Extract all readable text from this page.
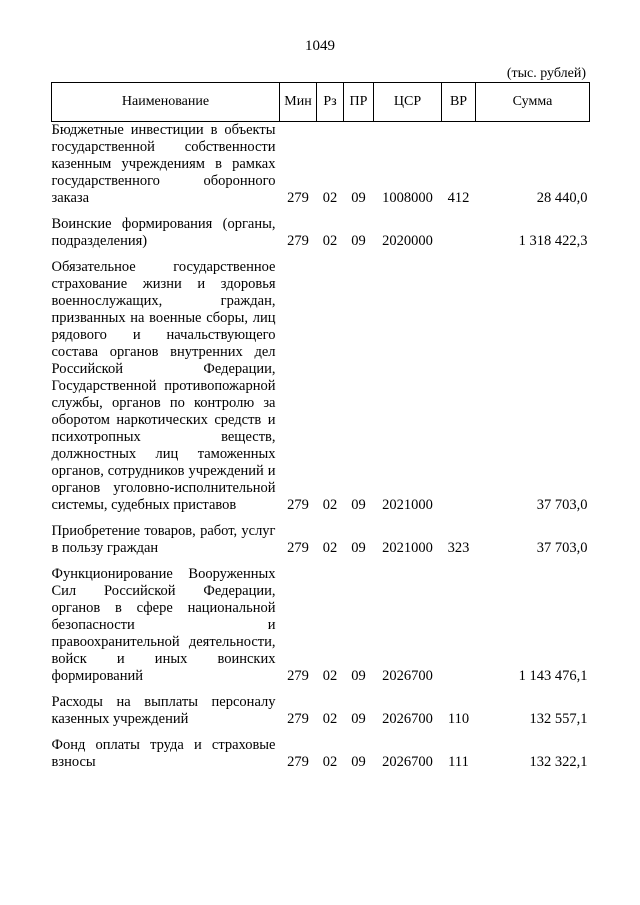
1049
(тыс. рублей)
Наименование	Мин	Рз	ПР	ЦСР	ВР	Сумма
Бюджетные инвестиции в объекты государственной собственности казенным учреждениям в рамках государственного оборонного заказа	279	02	09	1008000	412	28 440,0
Воинские формирования (органы, подразделения)	279	02	09	2020000		1 318 422,3
Обязательное государственное страхование жизни и здоровья военнослужащих, граждан, призванных на военные сборы, лиц рядового и начальствующего состава органов внутренних дел Российской Федерации, Государственной противопожарной службы, органов по контролю за оборотом наркотических средств и психотропных веществ, должностных лиц таможенных органов, сотрудников учреждений и органов уголовно-исполнительной системы, судебных приставов	279	02	09	2021000		37 703,0
Приобретение товаров, работ, услуг в пользу граждан	279	02	09	2021000	323	37 703,0
Функционирование Вооруженных Сил Российской Федерации, органов в сфере национальной безопасности и правоохранительной деятельности, войск и иных воинских формирований	279	02	09	2026700		1 143 476,1
Расходы на выплаты персоналу казенных учреждений	279	02	09	2026700	110	132 557,1
Фонд оплаты труда и страховые взносы	279	02	09	2026700	111	132 322,1
